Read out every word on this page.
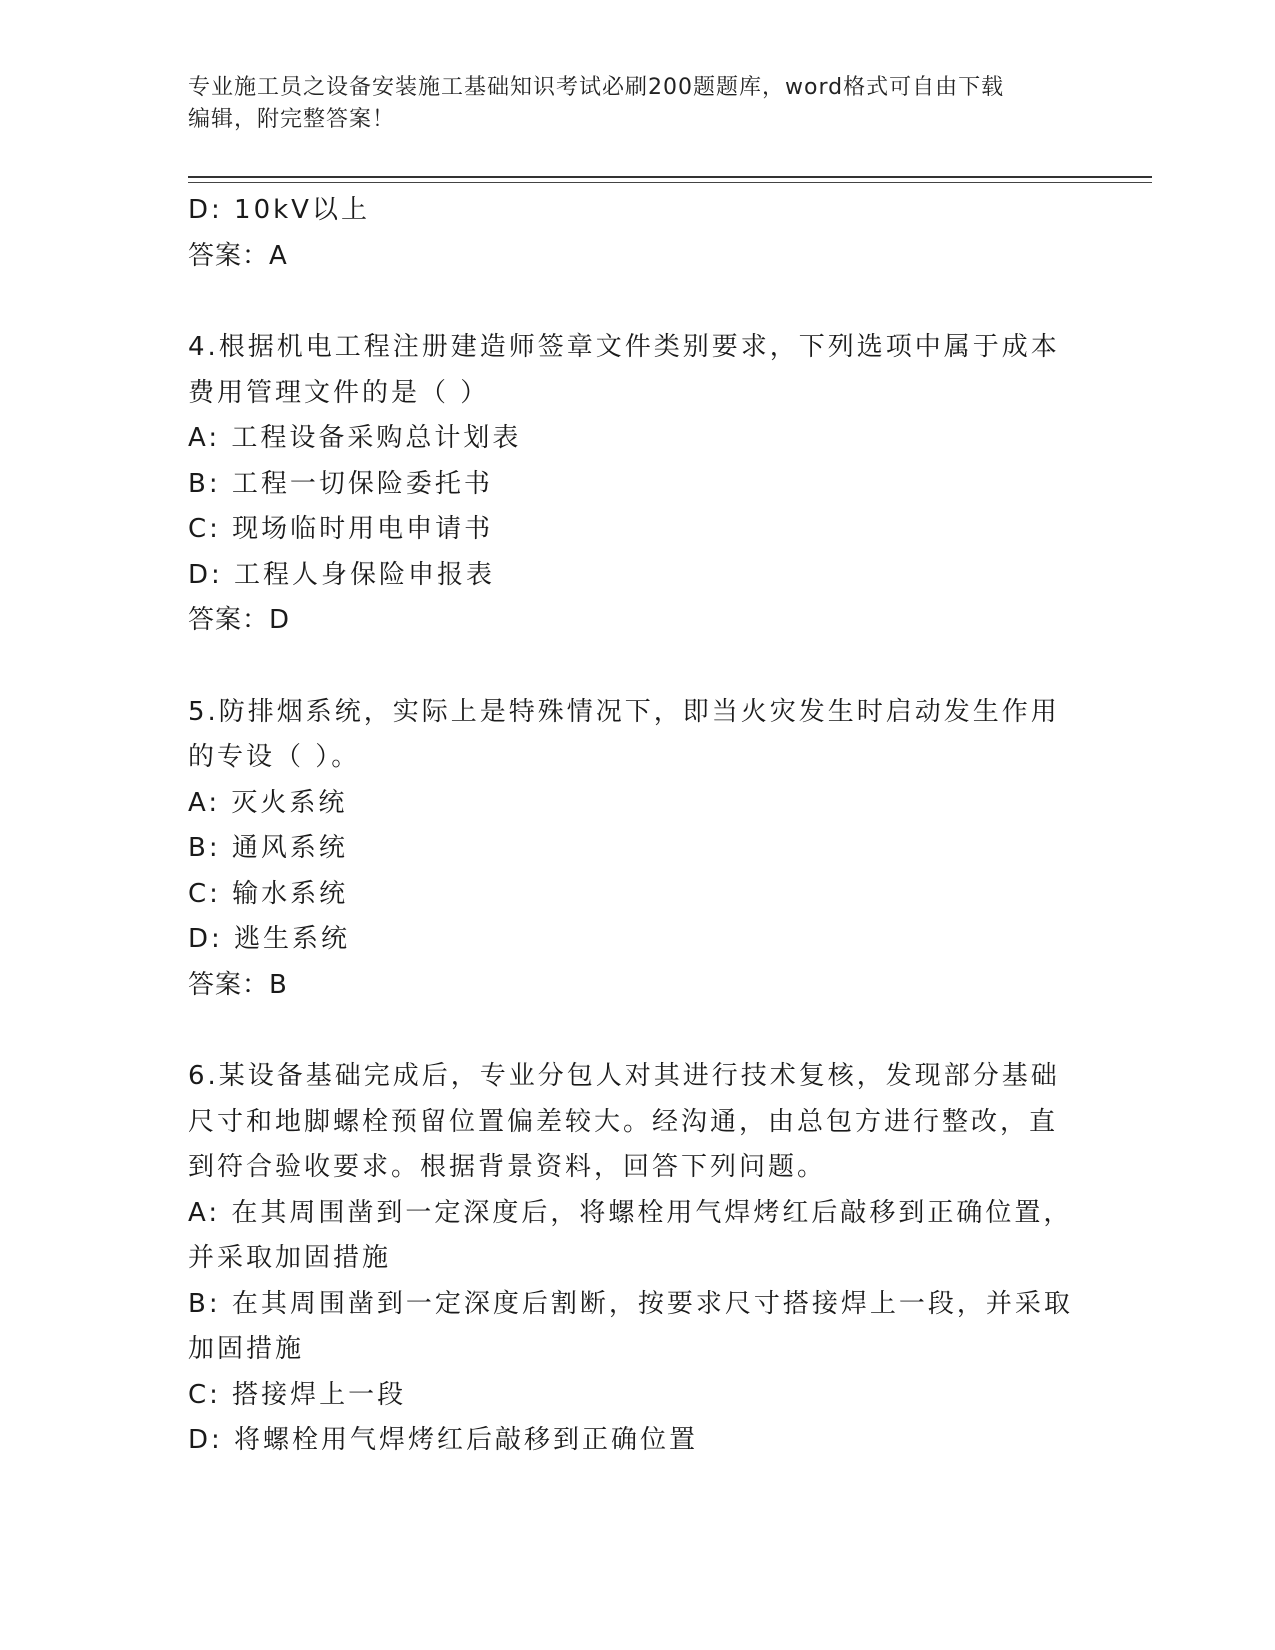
专业施工员之设备安装施工基础知识考试必刷200题题库，word格式可自由下载
编辑，附完整答案！
D: 10kV以上
答案：A
4.根据机电工程注册建造师签章文件类别要求，下列选项中属于成本
费用管理文件的是（ ）
A: 工程设备采购总计划表
B: 工程一切保险委托书
C: 现场临时用电申请书
D: 工程人身保险申报表
答案：D
5.防排烟系统，实际上是特殊情况下，即当火灾发生时启动发生作用
的专设（ ）。
A: 灭火系统
B: 通风系统
C: 输水系统
D: 逃生系统
答案：B
6.某设备基础完成后，专业分包人对其进行技术复核，发现部分基础
尺寸和地脚螺栓预留位置偏差较大。经沟通，由总包方进行整改，直
到符合验收要求。根据背景资料，回答下列问题。
A: 在其周围凿到一定深度后，将螺栓用气焊烤红后敲移到正确位置，
并采取加固措施
B: 在其周围凿到一定深度后割断，按要求尺寸搭接焊上一段，并采取
加固措施
C: 搭接焊上一段
D: 将螺栓用气焊烤红后敲移到正确位置
